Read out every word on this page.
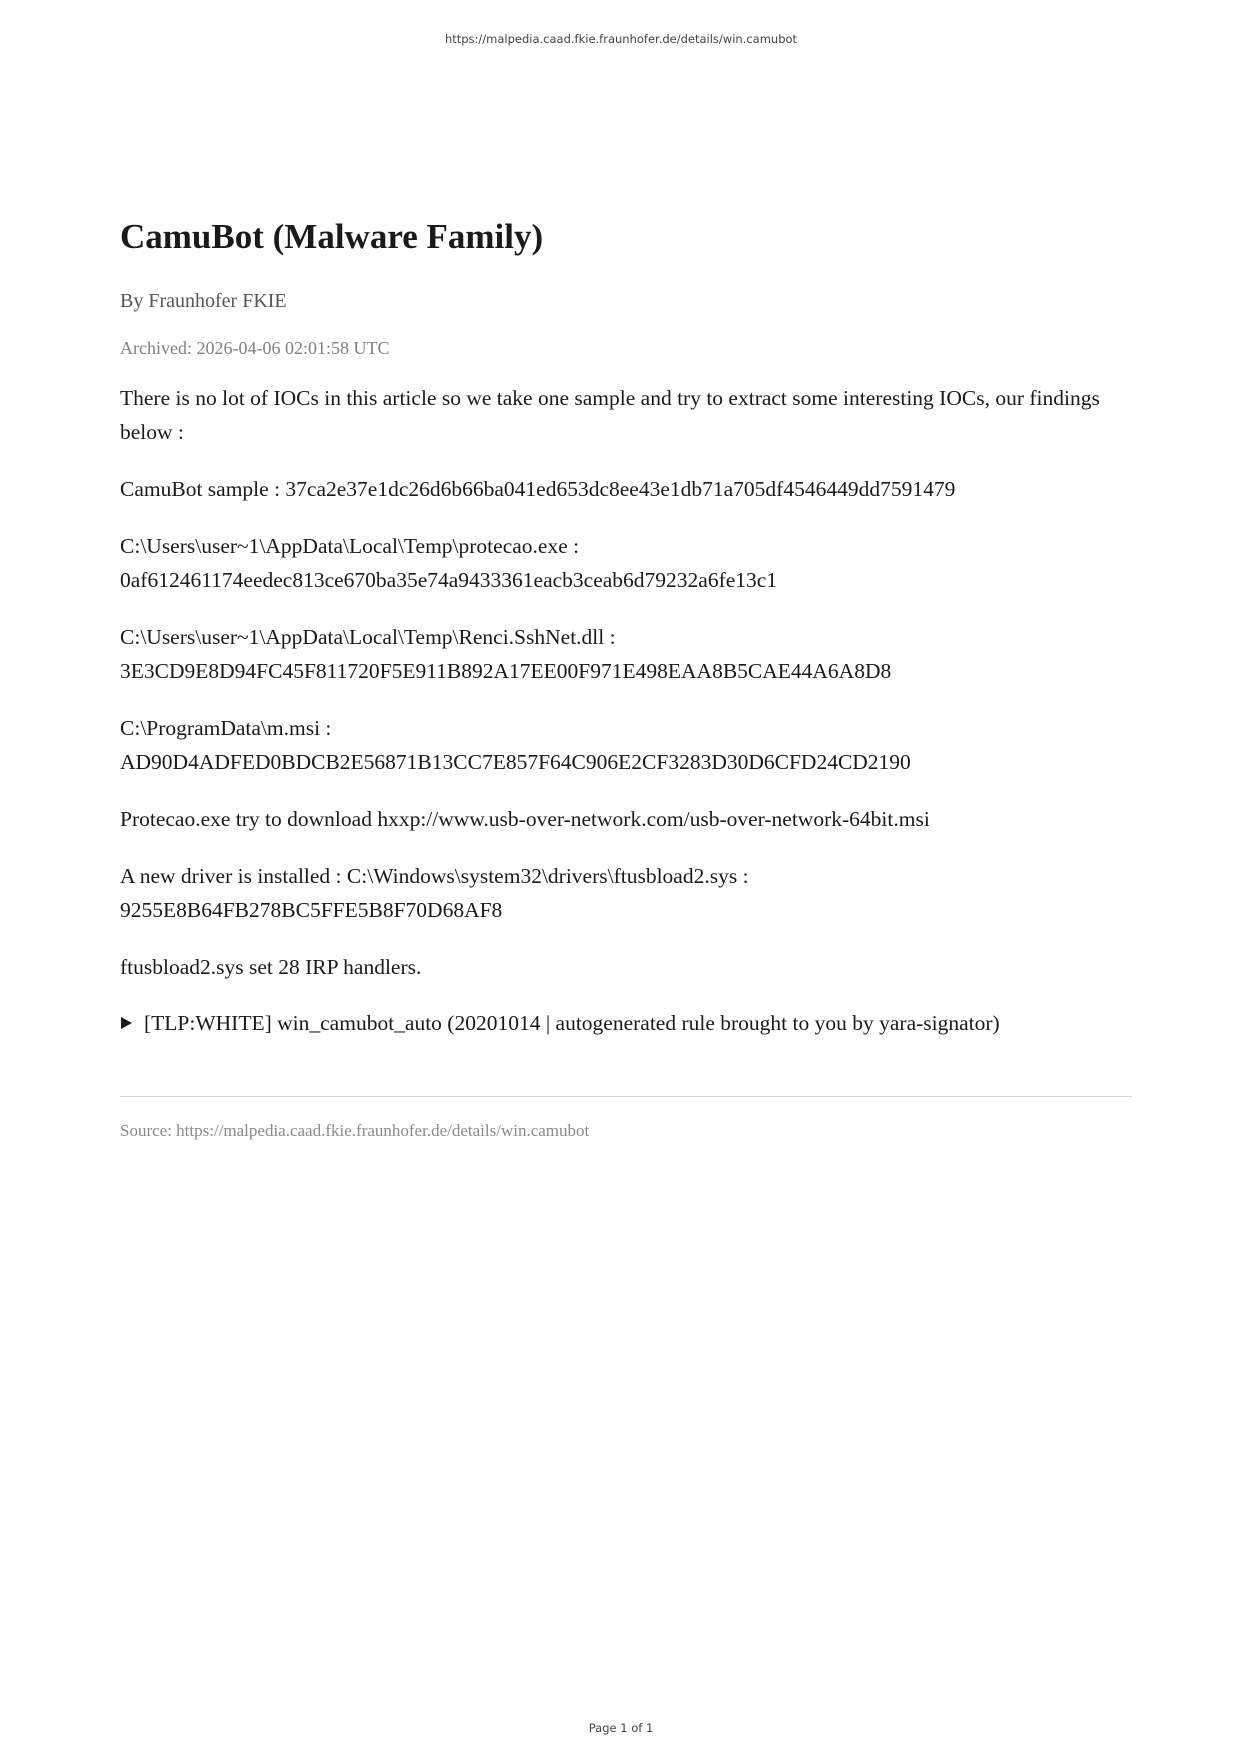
https://malpedia.caad.fkie.fraunhofer.de/details/win.camubot
CamuBot (Malware Family)
By Fraunhofer FKIE
Archived: 2026-04-06 02:01:58 UTC

There is no lot of IOCs in this article so we take one sample and try to extract some interesting IOCs, our findings below :

CamuBot sample : 37ca2e37e1dc26d6b66ba041ed653dc8ee43e1db71a705df4546449dd7591479

C:\Users\user~1\AppData\Local\Temp\protecao.exe :
0af612461174eedec813ce670ba35e74a9433361eacb3ceab6d79232a6fe13c1

C:\Users\user~1\AppData\Local\Temp\Renci.SshNet.dll :
3E3CD9E8D94FC45F811720F5E911B892A17EE00F971E498EAA8B5CAE44A6A8D8

C:\ProgramData\m.msi :
AD90D4ADFED0BDCB2E56871B13CC7E857F64C906E2CF3283D30D6CFD24CD2190

Protecao.exe try to download hxxp://www.usb-over-network.com/usb-over-network-64bit.msi

A new driver is installed : C:\Windows\system32\drivers\ftusbload2.sys :
9255E8B64FB278BC5FFE5B8F70D68AF8

ftusbload2.sys set 28 IRP handlers.

[TLP:WHITE] win_camubot_auto (20201014 | autogenerated rule brought to you by yara-signator)
Source: https://malpedia.caad.fkie.fraunhofer.de/details/win.camubot
Page 1 of 1
